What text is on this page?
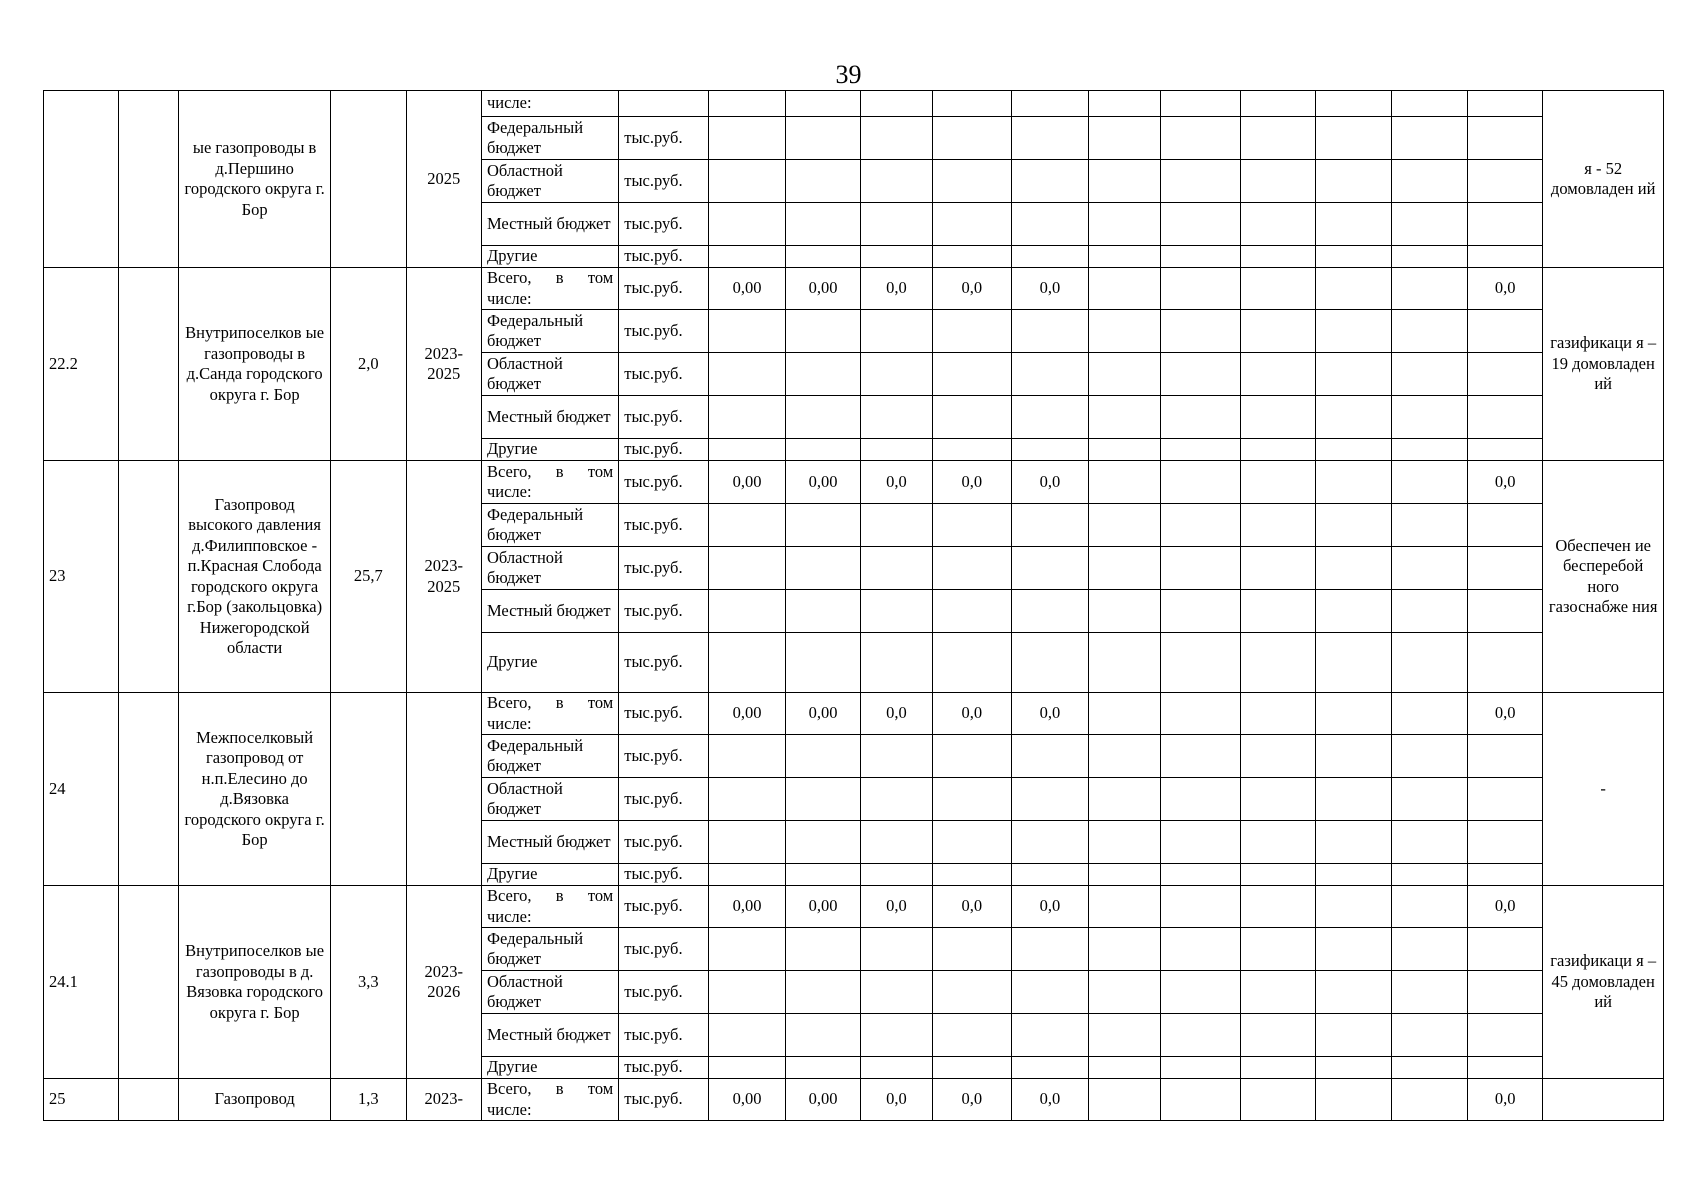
39
		ые газопроводы в д.Першино городского округа г. Бор		2025	числе:													я - 52 домовладен ий

					Федеральный бюджет	тыс.руб.												

					Областной бюджет	тыс.руб.												

					Местный бюджет	тыс.руб.												

					Другие	тыс.руб.												
22.2		Внутрипоселков ые газопроводы в д.Санда городского округа г. Бор	2,0	2023-2025	Всего, в том числе:	тыс.руб.	0,00	0,00	0,0	0,0	0,0						0,0	газификаци я – 19 домовладен ий

					Федеральный бюджет	тыс.руб.												

					Областной бюджет	тыс.руб.												

					Местный бюджет	тыс.руб.												

					Другие	тыс.руб.												
23		Газопровод высокого давления д.Филипповское - п.Красная Слобода городского округа г.Бор (закольцовка) Нижегородской области	25,7	2023-2025	Всего, в том числе:	тыс.руб.	0,00	0,00	0,0	0,0	0,0						0,0	Обеспечен ие бесперебой ного газоснабже ния

					Федеральный бюджет	тыс.руб.												

					Областной бюджет	тыс.руб.												

					Местный бюджет	тыс.руб.												

					Другие	тыс.руб.												
24		Межпоселковый газопровод от н.п.Елесино до д.Вязовка городского округа г. Бор			Всего, в том числе:	тыс.руб.	0,00	0,00	0,0	0,0	0,0						0,0	-

					Федеральный бюджет	тыс.руб.												

					Областной бюджет	тыс.руб.												

					Местный бюджет	тыс.руб.												

					Другие	тыс.руб.												
24.1		Внутрипоселков ые газопроводы в д. Вязовка городского округа г. Бор	3,3	2023-2026	Всего, в том числе:	тыс.руб.	0,00	0,00	0,0	0,0	0,0						0,0	газификаци я – 45 домовладен ий

					Федеральный бюджет	тыс.руб.												

					Областной бюджет	тыс.руб.												

					Местный бюджет	тыс.руб.												

					Другие	тыс.руб.												
25		Газопровод	1,3	2023-	Всего, в том числе:	тыс.руб.	0,00	0,00	0,0	0,0	0,0						0,0	
